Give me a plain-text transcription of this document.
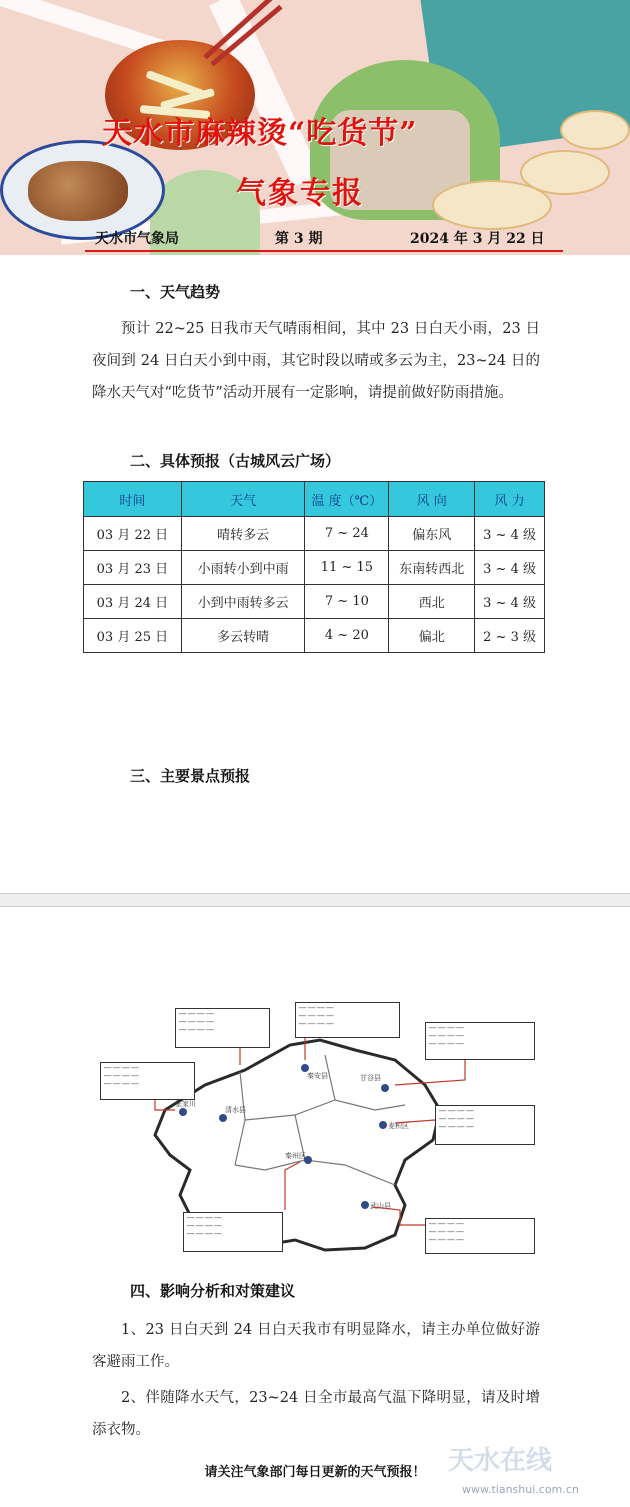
天水市麻辣烫“吃货节”
气象专报
天水市气象局	第 3 期	2024 年 3 月 22 日
一、天气趋势
预计 22~25 日我市天气晴雨相间，其中 23 日白天小雨，23 日夜间到 24 日白天小到中雨，其它时段以晴或多云为主，23~24 日的降水天气对“吃货节”活动开展有一定影响，请提前做好防雨措施。
二、具体预报（古城风云广场）
时间	天气	温 度（℃）	风 向	风 力
03 月 22 日	晴转多云	7 ~ 24	偏东风	3 ~ 4 级
03 月 23 日	小雨转小到中雨	11 ~ 15	东南转西北	3 ~ 4 级
03 月 24 日	小到中雨转多云	7 ~ 10	西北	3 ~ 4 级
03 月 25 日	多云转晴	4 ~ 20	偏北	2 ~ 3 级
三、主要景点预报
张家川
清水县
秦安县	甘谷县
麦积区
秦州区
武山县
── ── ── ──
── ── ── ──
── ── ── ──
── ── ── ──
── ── ── ──
── ── ── ──
── ── ── ──
── ── ── ──
── ── ── ──
── ── ── ──
── ── ── ──
── ── ── ──
── ── ── ──
── ── ── ──
── ── ── ──
── ── ── ──
── ── ── ──
── ── ── ──
── ── ── ──
── ── ── ──
── ── ── ──
四、影响分析和对策建议
1、23 日白天到 24 日白天我市有明显降水，请主办单位做好游客避雨工作。
2、伴随降水天气，23~24 日全市最高气温下降明显，请及时增添衣物。
请关注气象部门每日更新的天气预报！ 天水在线
www.tianshui.com.cn
